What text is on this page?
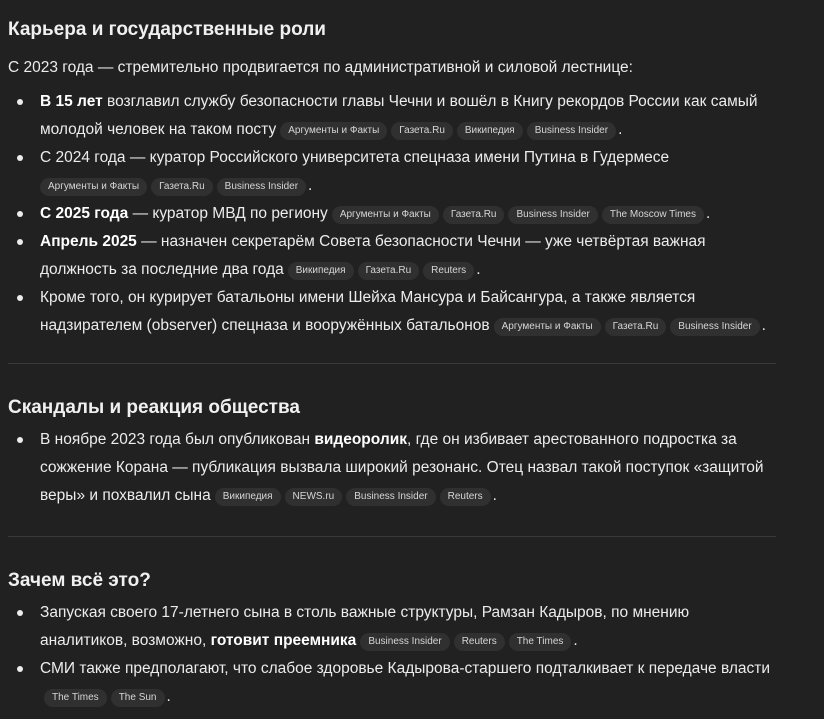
Карьера и государственные роли

С 2023 года — стремительно продвигается по административной и силовой лестнице:

В 15 лет возглавил службу безопасности главы Чечни и вошёл в Книгу рекордов России как самый молодой человек на таком посту Аргументы и Факты Газета.Ru Википедия Business Insider .
С 2024 года — куратор Российского университета спецназа имени Путина в Гудермесе
Аргументы и Факты Газета.Ru Business Insider .
С 2025 года — куратор МВД по региону Аргументы и Факты Газета.Ru Business Insider The Moscow Times .
Апрель 2025 — назначен секретарём Совета безопасности Чечни — уже четвёртая важная должность за последние два года Википедия Газета.Ru Reuters .
Кроме того, он курирует батальоны имени Шейха Мансура и Байсангура, а также является надзирателем (observer) спецназа и вооружённых батальонов Аргументы и Факты Газета.Ru Business Insider .
Скандалы и реакция общества
В ноябре 2023 года был опубликован видеоролик, где он избивает арестованного подростка за сожжение Корана — публикация вызвала широкий резонанс. Отец назвал такой поступок «защитой веры» и похвалил сына Википедия NEWS.ru Business Insider Reuters .
Зачем всё это?
Запуская своего 17-летнего сына в столь важные структуры, Рамзан Кадыров, по мнению аналитиков, возможно, готовит преемника Business Insider Reuters The Times .
СМИ также предполагают, что слабое здоровье Кадырова-старшего подталкивает к передаче властиThe Times The Sun .
